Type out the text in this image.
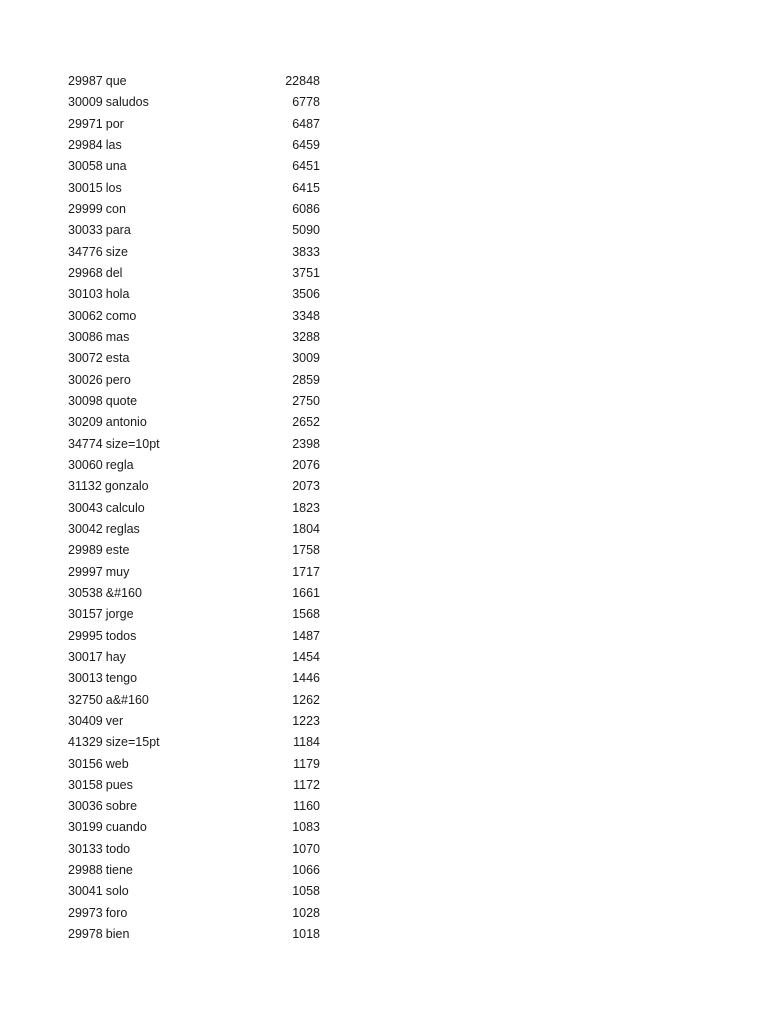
29987 que	22848
30009 saludos	6778
29971 por	6487
29984 las	6459
30058 una	6451
30015 los	6415
29999 con	6086
30033 para	5090
34776 size	3833
29968 del	3751
30103 hola	3506
30062 como	3348
30086 mas	3288
30072 esta	3009
30026 pero	2859
30098 quote	2750
30209 antonio	2652
34774 size=10pt	2398
30060 regla	2076
31132 gonzalo	2073
30043 calculo	1823
30042 reglas	1804
29989 este	1758
29997 muy	1717
30538 &#160	1661
30157 jorge	1568
29995 todos	1487
30017 hay	1454
30013 tengo	1446
32750 a&#160	1262
30409 ver	1223
41329 size=15pt	1184
30156 web	1179
30158 pues	1172
30036 sobre	1160
30199 cuando	1083
30133 todo	1070
29988 tiene	1066
30041 solo	1058
29973 foro	1028
29978 bien	1018
